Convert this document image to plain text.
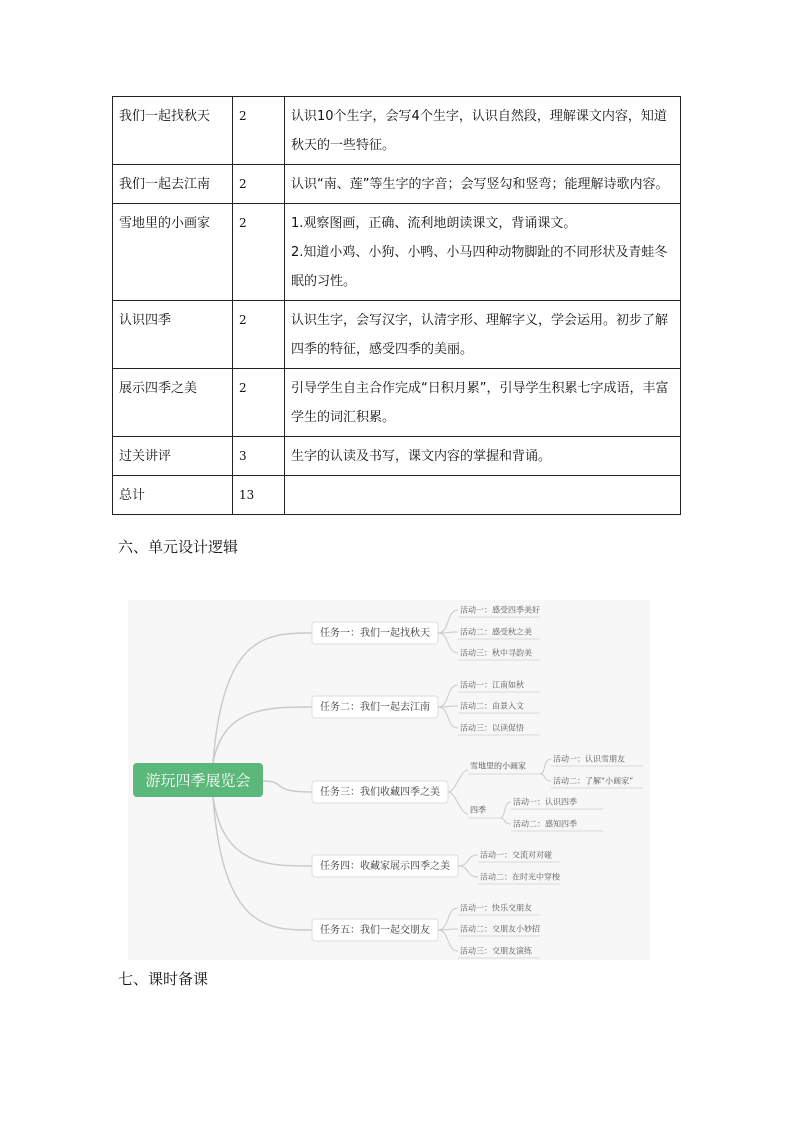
我们一起找秋天	2	认识10个生字，会写4个生字，认识自然段，理解课文内容，知道秋天的一些特征。

我们一起去江南	2	认识“南、莲”等生字的字音；会写竖勾和竖弯；能理解诗歌内容。

雪地里的小画家	2	1.观察图画，正确、流利地朗读课文，背诵课文。

2.知道小鸡、小狗、小鸭、小马四种动物脚趾的不同形状及青蛙冬眠的习性。

认识四季	2	认识生字，会写汉字，认清字形、理解字义，学会运用。初步了解四季的特征，感受四季的美丽。

展示四季之美	2	引导学生自主合作完成“日积月累”，引导学生积累七字成语，丰富学生的词汇积累。

过关讲评	3	生字的认读及书写，课文内容的掌握和背诵。

总计	13	

六、单元设计逻辑
任务一：我们一起找秋天
任务二：我们一起去江南
任务三：我们收藏四季之美
任务四：收藏家展示四季之美
任务五：我们一起交朋友
活动一：感受四季美好
活动二：感受秋之美
活动三：秋中寻韵美
活动一：江南如秋
活动二：由景入文
活动三：以读促悟
活动一：交流对对碰
活动二：在时光中穿梭
活动一：快乐交朋友
活动二：交朋友小妙招
活动三：交朋友演练
雪地里的小画家
活动一：认识雪朋友
活动二：了解“小画家”
四季
活动一：认识四季
活动二：感知四季
游玩四季展览会
七、课时备课
